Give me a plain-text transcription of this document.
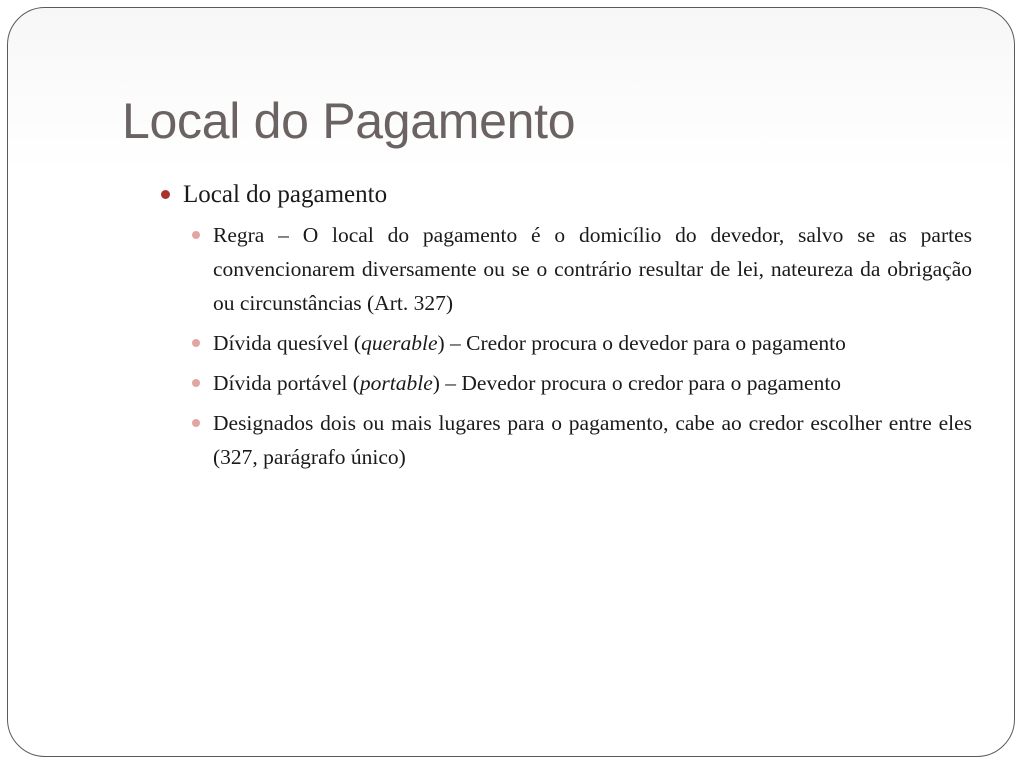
Local do Pagamento
Local do pagamento
Regra – O local do pagamento é o domicílio do devedor, salvo se as partes convencionarem diversamente ou se o contrário resultar de lei, nateureza da obrigação ou circunstâncias (Art. 327)
Dívida quesível (querable) – Credor procura o devedor para o pagamento
Dívida portável (portable) – Devedor procura o credor para o pagamento
Designados dois ou mais lugares para o pagamento, cabe ao credor escolher entre eles (327, parágrafo único)
